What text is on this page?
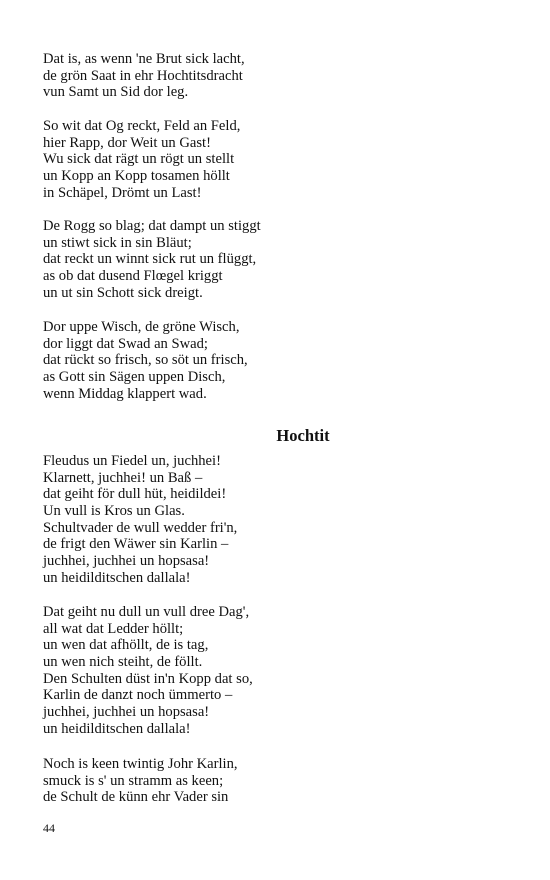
Dat is, as wenn 'ne Brut sick lacht,
de grön Saat in ehr Hochtitsdracht
vun Samt un Sid dor leg.
So wit dat Og reckt, Feld an Feld,
hier Rapp, dor Weit un Gast!
Wu sick dat rägt un rögt un stellt
un Kopp an Kopp tosamen höllt
in Schäpel, Drömt un Last!
De Rogg so blag; dat dampt un stiggt
un stiwt sick in sin Bläut;
dat reckt un winnt sick rut un flüggt,
as ob dat dusend Flœgel kriggt
un ut sin Schott sick dreigt.
Dor uppe Wisch, de gröne Wisch,
dor liggt dat Swad an Swad;
dat rückt so frisch, so söt un frisch,
as Gott sin Sägen uppen Disch,
wenn Middag klappert wad.
Hochtit
Fleudus un Fiedel un, juchhei!
Klarnett, juchhei! un Baß –
dat geiht för dull hüt, heidildei!
Un vull is Kros un Glas.
Schultvader de wull wedder fri'n,
de frigt den Wäwer sin Karlin –
juchhei, juchhei un hopsasa!
un heidilditschen dallala!
Dat geiht nu dull un vull dree Dag',
all wat dat Ledder höllt;
un wen dat afhöllt, de is tag,
un wen nich steiht, de föllt.
Den Schulten düst in'n Kopp dat so,
Karlin de danzt noch ümmerto –
juchhei, juchhei un hopsasa!
un heidilditschen dallala!
Noch is keen twintig Johr Karlin,
smuck is s' un stramm as keen;
de Schult de künn ehr Vader sin
44
